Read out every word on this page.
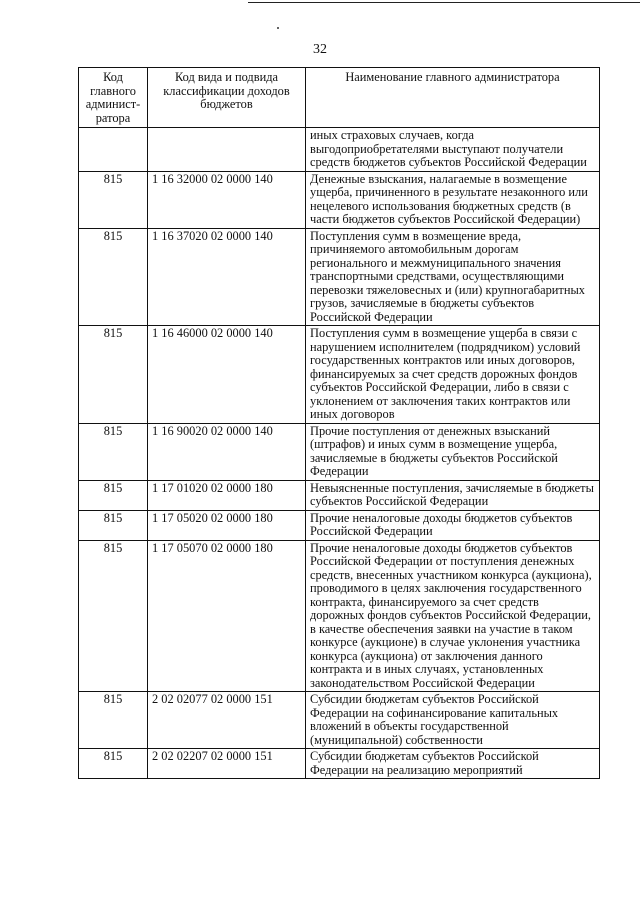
32
Код главного админист-ратора	Код вида и подвида классификации доходов бюджетов	Наименование главного администратора
		иных страховых случаев, когда выгодоприобретателями выступают получатели средств бюджетов субъектов Российской Федерации
815	1 16 32000 02 0000 140	Денежные взыскания, налагаемые в возмещение ущерба, причиненного в результате незаконного или нецелевого использования бюджетных средств (в части бюджетов субъектов Российской Федерации)
815	1 16 37020 02 0000 140	Поступления сумм в возмещение вреда, причиняемого автомобильным дорогам регионального и межмуниципального значения транспортными средствами, осуществляющими перевозки тяжеловесных и (или) крупногабаритных грузов, зачисляемые в бюджеты субъектов Российской Федерации
815	1 16 46000 02 0000 140	Поступления сумм в возмещение ущерба в связи с нарушением исполнителем (подрядчиком) условий государственных контрактов или иных договоров, финансируемых за счет средств дорожных фондов субъектов Российской Федерации, либо в связи с уклонением от заключения таких контрактов или иных договоров
815	1 16 90020 02 0000 140	Прочие поступления от денежных взысканий (штрафов) и иных сумм в возмещение ущерба, зачисляемые в бюджеты субъектов Российской Федерации
815	1 17 01020 02 0000 180	Невыясненные поступления, зачисляемые в бюджеты субъектов Российской Федерации
815	1 17 05020 02 0000 180	Прочие неналоговые доходы бюджетов субъектов Российской Федерации
815	1 17 05070 02 0000 180	Прочие неналоговые доходы бюджетов субъектов Российской Федерации от поступления денежных средств, внесенных участником конкурса (аукциона), проводимого в целях заключения государственного контракта, финансируемого за счет средств дорожных фондов субъектов Российской Федерации, в качестве обеспечения заявки на участие в таком конкурсе (аукционе) в случае уклонения участника конкурса (аукциона) от заключения данного контракта и в иных случаях, установленных законодательством Российской Федерации
815	2 02 02077 02 0000 151	Субсидии бюджетам субъектов Российской Федерации на софинансирование капитальных вложений в объекты государственной (муниципальной) собственности
815	2 02 02207 02 0000 151	Субсидии бюджетам субъектов Российской Федерации на реализацию мероприятий
